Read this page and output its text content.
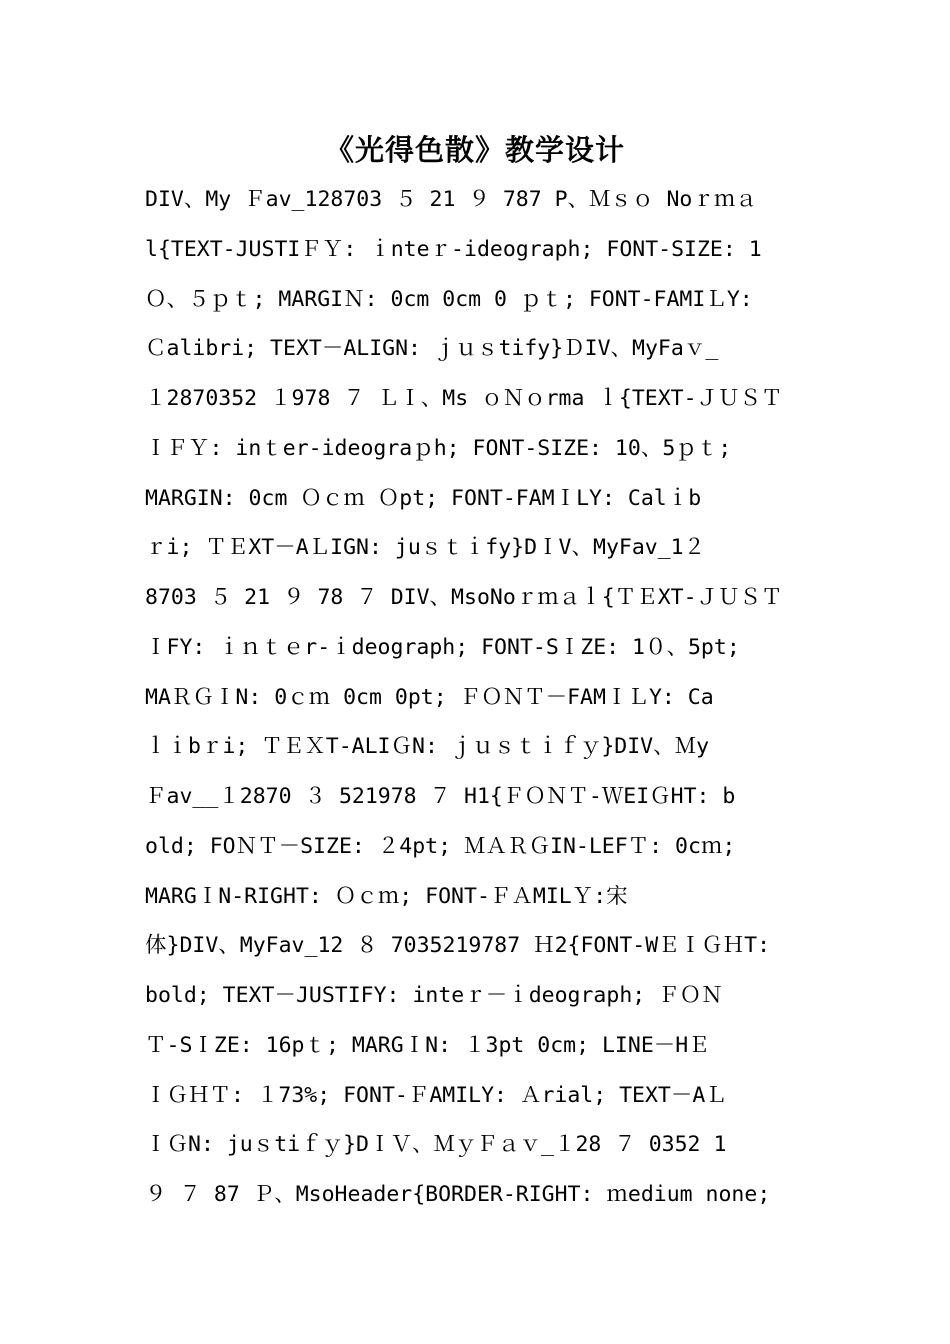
《光得色散》教学设计
DIV、My Ｆav_128703 ５ 21 ９ 787 P、Ｍｓｏ Noｒｍａ
l{TEXT-JUSTIＦＹ: ｉnteｒ-ideograph; FONT-SIZE: 1
Ｏ、５ｐｔ; MARGIＮ: 0cm 0cm 0 ｐｔ; FONT-FAMIＬY:
Ｃalibri; TEXT－ALIGN: ｊｕｓtify}ＤIV、MyFaｖ_
１2870352 １978 ７ ＬＩ、Ms ｏＮｏrma ｌ{TEXT-ＪＵＳＴ
ＩＦＹ: inｔer-ideograｐh; FONT-SIZE: 10、5ｐｔ;
MARGIN: 0cm Ｏｃｍ Ｏpt; FONT-FAMＩLY: Calｉb
ｒi; ＴＥXT－AＬIGN: juｓｔｉfy}DＩV、MyFav_1２
8703 ５ 21 ９ 78 ７ DIV、MsoNoｒｍａｌ{ＴＥXT-ＪＵＳＴ
ＩFY: ｉｎｔｅr-ｉdeograph; FONT-SＩZE: 1０、5pt;
MAＲＧＩN: 0ｃｍ 0cm 0pt; ＦＯＮＴ－FAMＩＬY: Ca
ｌｉbｒi; ＴＥＸT-ALIＧN: ｊｕｓｔｉｆｙ}DIV、Ｍy
Ｆav__１2870 ３ 521978 ７ H1{ＦＯＮＴ-ＷEIＧHT: b
old; FOＮＴ－SIZE: ２4pt; ＭＡＲＧIN-LEFＴ: 0cｍ;
MARGＩN-RIGHT: Ｏｃｍ; FONT-ＦＡMILＹ:宋
体}DIV、MyFav_12 ８ 7035219787 Ｈ2{FONT-WＥＩＧＨT:
bold; TEXT－JUSTIFY: inteｒ－ｉdeograph; ＦＯＮ
Ｔ-SＩZE: 16pｔ; MARGＩN: １3pt 0cm; LINE－HＥ
ＩＧＨＴ: １73%; FONT-ＦAMILY: Ａrial; TEXT－AＬ
ＩＧN: juｓtiｆｙ}DＩＶ、ＭｙＦａｖ_１28 ７ 0352 1
９ ７ 87 Ｐ、MsoHeader{BORDER-RIGHT: ｍedium none;
